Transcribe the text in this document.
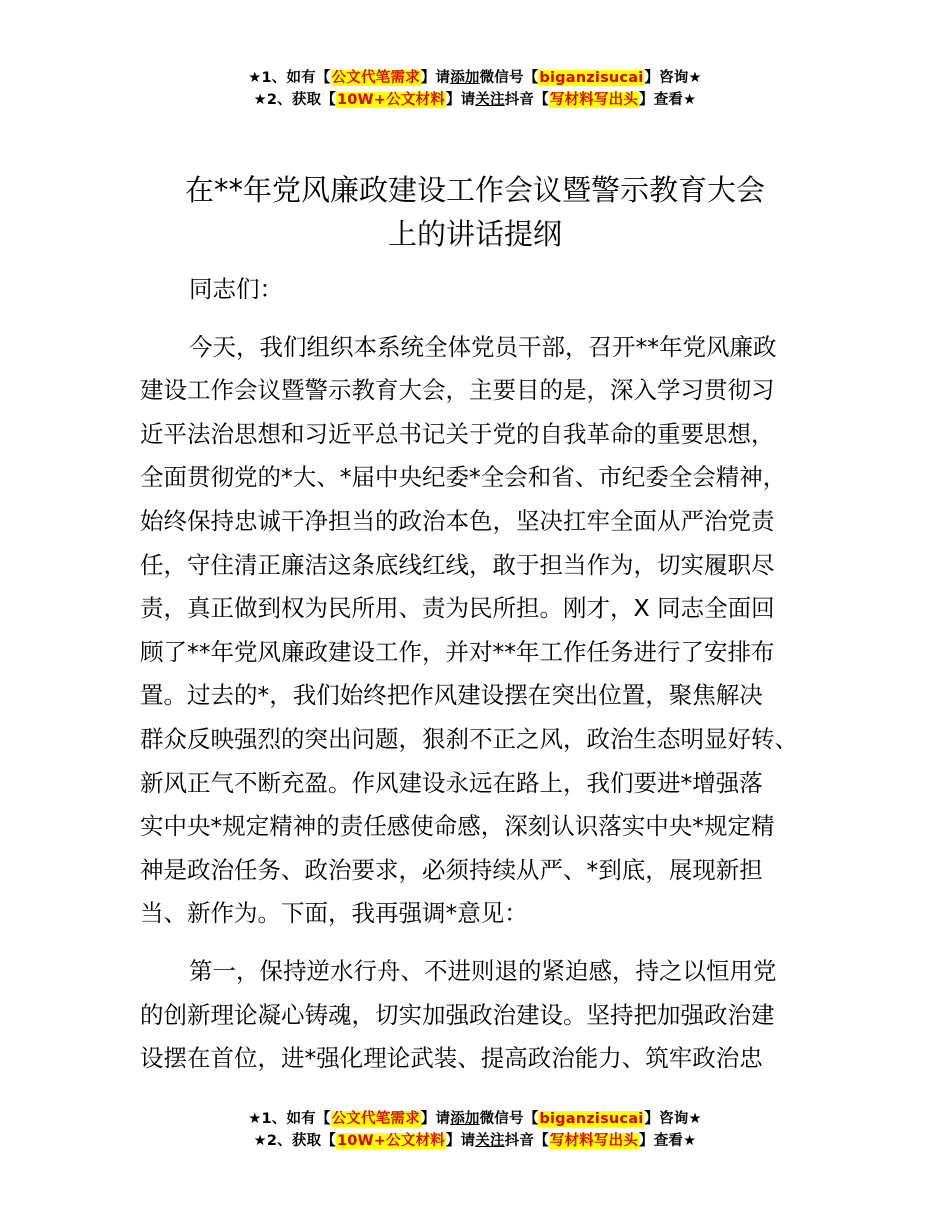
★1、如有【公文代笔需求】请添加微信号【biganzisucai】咨询★
★2、获取【10W+公文材料】请关注抖音【写材料写出头】查看★
在**年党风廉政建设工作会议暨警示教育大会
上的讲话提纲
同志们：
今天，我们组织本系统全体党员干部，召开**年党风廉政
建设工作会议暨警示教育大会，主要目的是，深入学习贯彻习
近平法治思想和习近平总书记关于党的自我革命的重要思想，
全面贯彻党的*大、*届中央纪委*全会和省、市纪委全会精神，
始终保持忠诚干净担当的政治本色，坚决扛牢全面从严治党责
任，守住清正廉洁这条底线红线，敢于担当作为，切实履职尽
责，真正做到权为民所用、责为民所担。刚才，X 同志全面回
顾了**年党风廉政建设工作，并对**年工作任务进行了安排布
置。过去的*，我们始终把作风建设摆在突出位置，聚焦解决
群众反映强烈的突出问题，狠刹不正之风，政治生态明显好转、
新风正气不断充盈。作风建设永远在路上，我们要进*增强落
实中央*规定精神的责任感使命感，深刻认识落实中央*规定精
神是政治任务、政治要求，必须持续从严、*到底，展现新担
当、新作为。下面，我再强调*意见：
第一，保持逆水行舟、不进则退的紧迫感，持之以恒用党
的创新理论凝心铸魂，切实加强政治建设。坚持把加强政治建
设摆在首位，进*强化理论武装、提高政治能力、筑牢政治忠
★1、如有【公文代笔需求】请添加微信号【biganzisucai】咨询★
★2、获取【10W+公文材料】请关注抖音【写材料写出头】查看★
